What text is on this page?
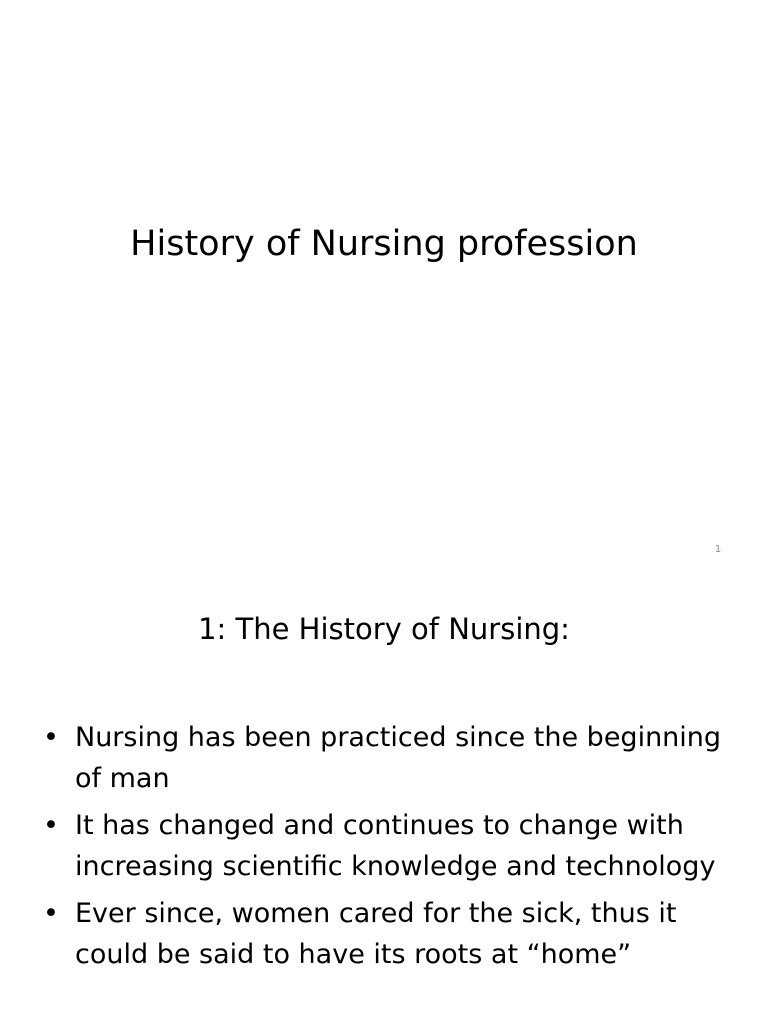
History of Nursing profession
1
1: The History of Nursing:
• Nursing has been practiced since the beginning of man
• It has changed and continues to change with increasing scientific knowledge and technology
• Ever since, women cared for the sick, thus it could be said to have its roots at “home”
